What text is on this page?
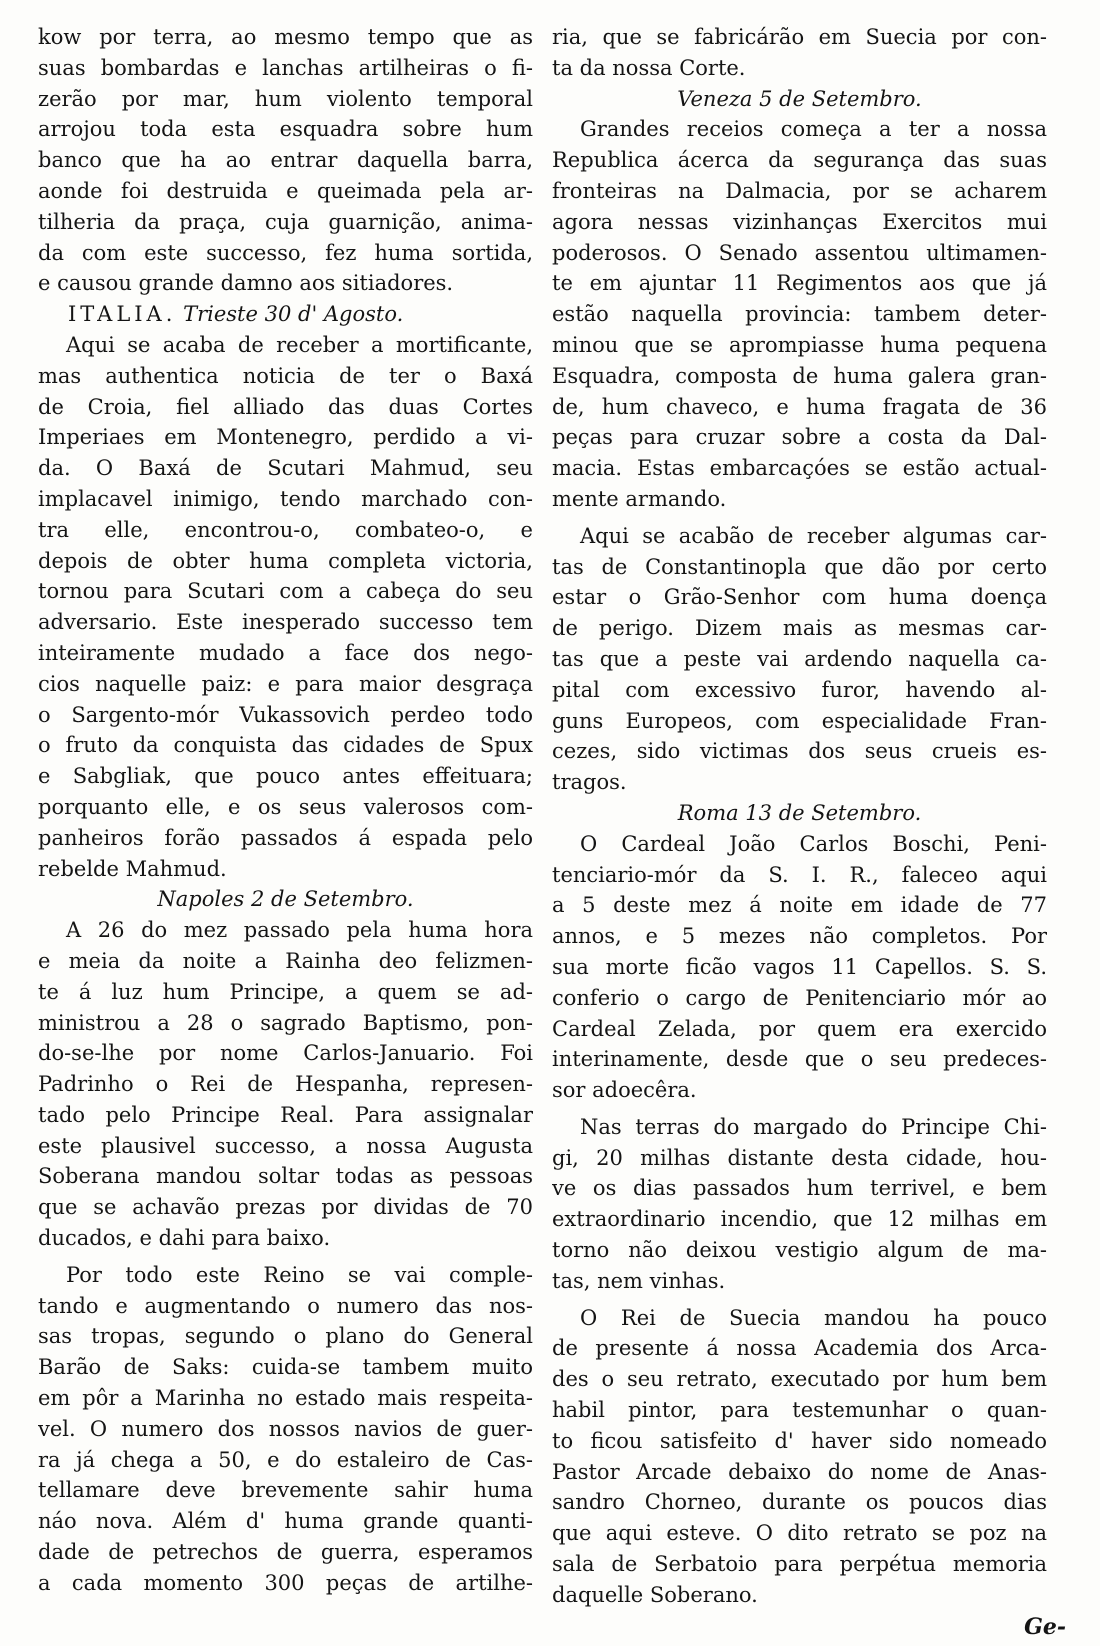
kow por terra, ao mesmo tempo que as
suas bombardas e lanchas artilheiras o fi-
zerão por mar, hum violento temporal
arrojou toda esta esquadra sobre hum
banco que ha ao entrar daquella barra,
aonde foi destruida e queimada pela ar-
tilheria da praça, cuja guarnição, anima-
da com este successo, fez huma sortida,
e causou grande damno aos sitiadores.
ITALIA. Trieste 30 d' Agosto.
Aqui se acaba de receber a mortificante,
mas authentica noticia de ter o Baxá
de Croia, fiel alliado das duas Cortes
Imperiaes em Montenegro, perdido a vi-
da. O Baxá de Scutari Mahmud, seu
implacavel inimigo, tendo marchado con-
tra elle, encontrou-o, combateo-o, e
depois de obter huma completa victoria,
tornou para Scutari com a cabeça do seu
adversario. Este inesperado successo tem
inteiramente mudado a face dos nego-
cios naquelle paiz: e para maior desgraça
o Sargento-mór Vukassovich perdeo todo
o fruto da conquista das cidades de Spux
e Sabgliak, que pouco antes effeituara;
porquanto elle, e os seus valerosos com-
panheiros forão passados á espada pelo
rebelde Mahmud.
Napoles 2 de Setembro.
A 26 do mez passado pela huma hora
e meia da noite a Rainha deo felizmen-
te á luz hum Principe, a quem se ad-
ministrou a 28 o sagrado Baptismo, pon-
do-se-lhe por nome Carlos-Januario. Foi
Padrinho o Rei de Hespanha, represen-
tado pelo Principe Real. Para assignalar
este plausivel successo, a nossa Augusta
Soberana mandou soltar todas as pessoas
que se achavão prezas por dividas de 70
ducados, e dahi para baixo.
Por todo este Reino se vai comple-
tando e augmentando o numero das nos-
sas tropas, segundo o plano do General
Barão de Saks: cuida-se tambem muito
em pôr a Marinha no estado mais respeita-
vel. O numero dos nossos navios de guer-
ra já chega a 50, e do estaleiro de Cas-
tellamare deve brevemente sahir huma
náo nova. Além d' huma grande quanti-
dade de petrechos de guerra, esperamos
a cada momento 300 peças de artilhe-
ria, que se fabricárão em Suecia por con-
ta da nossa Corte.
Veneza 5 de Setembro.
Grandes receios começa a ter a nossa
Republica ácerca da segurança das suas
fronteiras na Dalmacia, por se acharem
agora nessas vizinhanças Exercitos mui
poderosos. O Senado assentou ultimamen-
te em ajuntar 11 Regimentos aos que já
estão naquella provincia: tambem deter-
minou que se aprompiasse huma pequena
Esquadra, composta de huma galera gran-
de, hum chaveco, e huma fragata de 36
peças para cruzar sobre a costa da Dal-
macia. Estas embarcaçóes se estão actual-
mente armando.
Aqui se acabão de receber algumas car-
tas de Constantinopla que dão por certo
estar o Grão-Senhor com huma doença
de perigo. Dizem mais as mesmas car-
tas que a peste vai ardendo naquella ca-
pital com excessivo furor, havendo al-
guns Europeos, com especialidade Fran-
cezes, sido victimas dos seus crueis es-
tragos.
Roma 13 de Setembro.
O Cardeal João Carlos Boschi, Peni-
tenciario-mór da S. I. R., faleceo aqui
a 5 deste mez á noite em idade de 77
annos, e 5 mezes não completos. Por
sua morte ficão vagos 11 Capellos. S. S.
conferio o cargo de Penitenciario mór ao
Cardeal Zelada, por quem era exercido
interinamente, desde que o seu predeces-
sor adoecêra.
Nas terras do margado do Principe Chi-
gi, 20 milhas distante desta cidade, hou-
ve os dias passados hum terrivel, e bem
extraordinario incendio, que 12 milhas em
torno não deixou vestigio algum de ma-
tas, nem vinhas.
O Rei de Suecia mandou ha pouco
de presente á nossa Academia dos Arca-
des o seu retrato, executado por hum bem
habil pintor, para testemunhar o quan-
to ficou satisfeito d' haver sido nomeado
Pastor Arcade debaixo do nome de Anas-
sandro Chorneo, durante os poucos dias
que aqui esteve. O dito retrato se poz na
sala de Serbatoio para perpétua memoria
daquelle Soberano.
Ge-
